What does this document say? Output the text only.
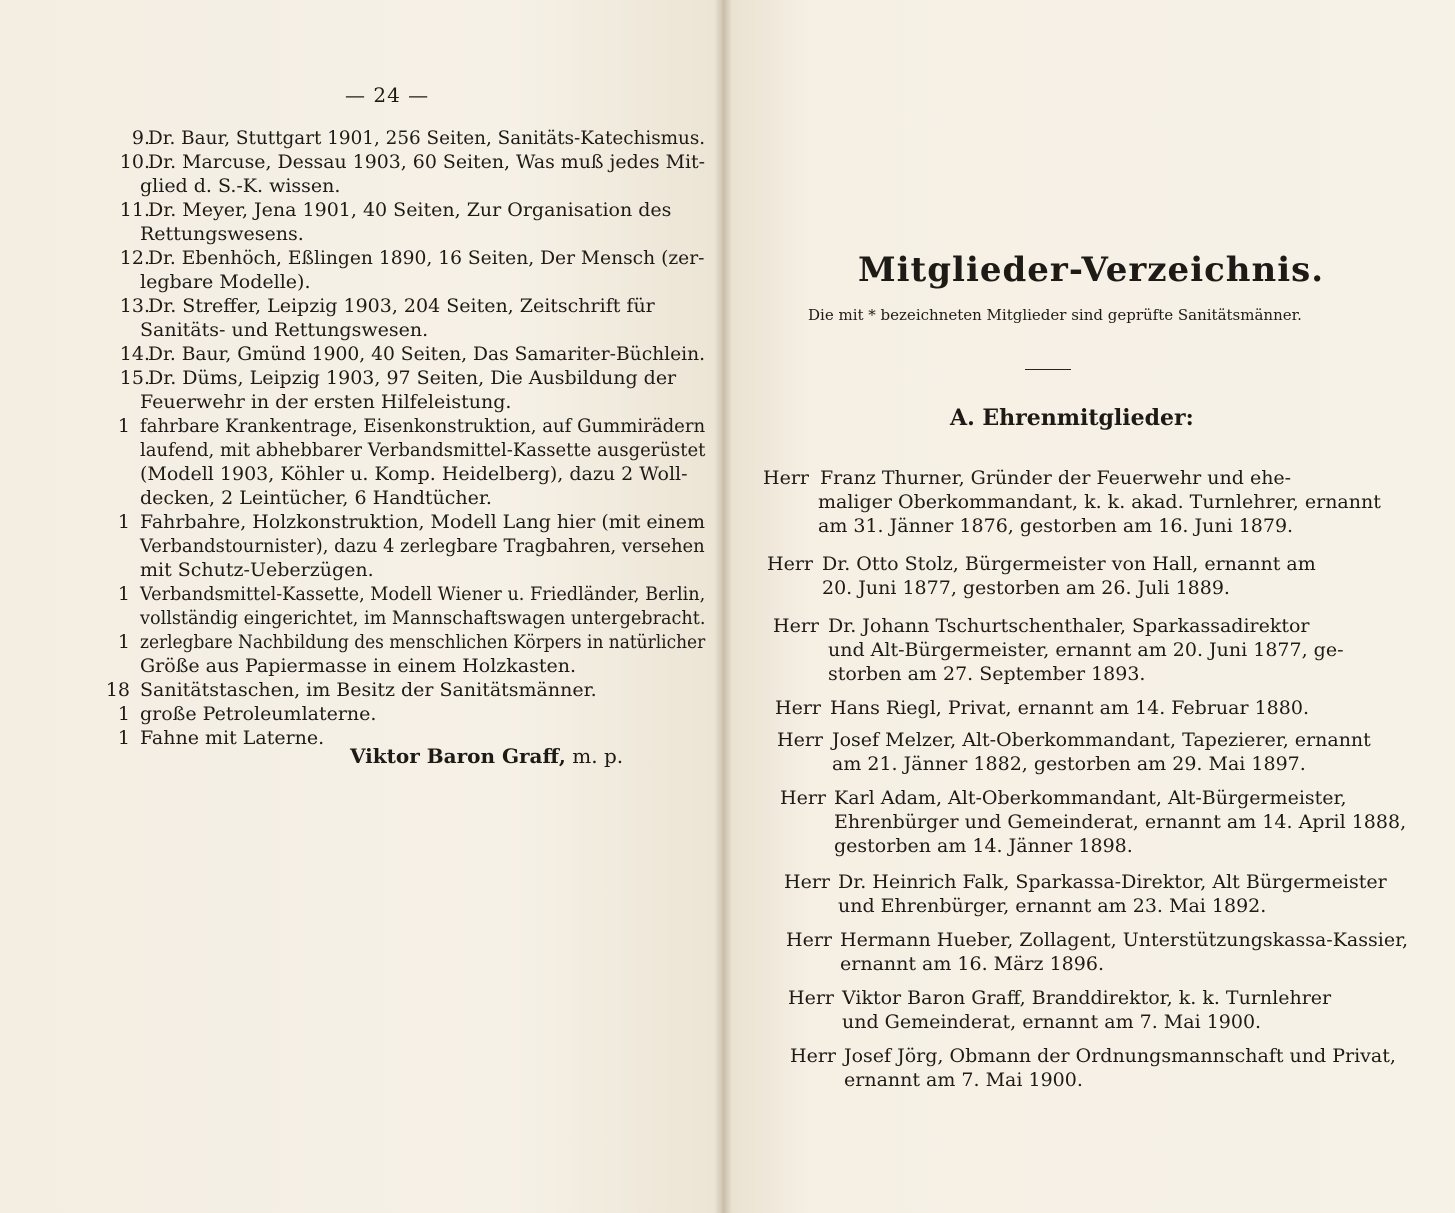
— 24 —
9.
Dr. Baur, Stuttgart 1901, 256 Seiten, Sanitäts-Katechismus.
10.
Dr. Marcuse, Dessau 1903, 60 Seiten, Was muß jedes Mit-
glied d. S.-K. wissen.
11.
Dr. Meyer, Jena 1901, 40 Seiten, Zur Organisation des
Rettungswesens.
12.
Dr. Ebenhöch, Eßlingen 1890, 16 Seiten, Der Mensch (zer-
legbare Modelle).
13.
Dr. Streffer, Leipzig 1903, 204 Seiten, Zeitschrift für
Sanitäts- und Rettungswesen.
14.
Dr. Baur, Gmünd 1900, 40 Seiten, Das Samariter-Büchlein.
15.
Dr. Düms, Leipzig 1903, 97 Seiten, Die Ausbildung der
Feuerwehr in der ersten Hilfeleistung.
1 fahrbare Krankentrage, Eisenkonstruktion, auf Gummirädern
laufend, mit abhebbarer Verbandsmittel-Kassette ausgerüstet
(Modell 1903, Köhler u. Komp. Heidelberg), dazu 2 Woll-
decken, 2 Leintücher, 6 Handtücher.
1 Fahrbahre, Holzkonstruktion, Modell Lang hier (mit einem
Verbandstournister), dazu 4 zerlegbare Tragbahren, versehen
mit Schutz-Ueberzügen.
1 Verbandsmittel-Kassette, Modell Wiener u. Friedländer, Berlin,
vollständig eingerichtet, im Mannschaftswagen untergebracht.
1 zerlegbare Nachbildung des menschlichen Körpers in natürlicher
Größe aus Papiermasse in einem Holzkasten.
18 Sanitätstaschen, im Besitz der Sanitätsmänner.
1 große Petroleumlaterne.
1 Fahne mit Laterne.
Viktor Baron Graff, m. p.
Mitglieder-Verzeichnis.
Die mit * bezeichneten Mitglieder sind geprüfte Sanitätsmänner.
A. Ehrenmitglieder:
Herr Franz Thurner, Gründer der Feuerwehr und ehe-
maliger Oberkommandant, k. k. akad. Turnlehrer, ernannt
am 31. Jänner 1876, gestorben am 16. Juni 1879.
Herr Dr. Otto Stolz, Bürgermeister von Hall, ernannt am
20. Juni 1877, gestorben am 26. Juli 1889.
Herr Dr. Johann Tschurtschenthaler, Sparkassadirektor
und Alt-Bürgermeister, ernannt am 20. Juni 1877, ge-
storben am 27. September 1893.
Herr Hans Riegl, Privat, ernannt am 14. Februar 1880.
Herr Josef Melzer, Alt-Oberkommandant, Tapezierer, ernannt
am 21. Jänner 1882, gestorben am 29. Mai 1897.
Herr Karl Adam, Alt-Oberkommandant, Alt-Bürgermeister,
Ehrenbürger und Gemeinderat, ernannt am 14. April 1888,
gestorben am 14. Jänner 1898.
Herr Dr. Heinrich Falk, Sparkassa-Direktor, Alt Bürgermeister
und Ehrenbürger, ernannt am 23. Mai 1892.
Herr Hermann Hueber, Zollagent, Unterstützungskassa-Kassier,
ernannt am 16. März 1896.
Herr Viktor Baron Graff, Branddirektor, k. k. Turnlehrer
und Gemeinderat, ernannt am 7. Mai 1900.
Herr Josef Jörg, Obmann der Ordnungsmannschaft und Privat,
ernannt am 7. Mai 1900.
